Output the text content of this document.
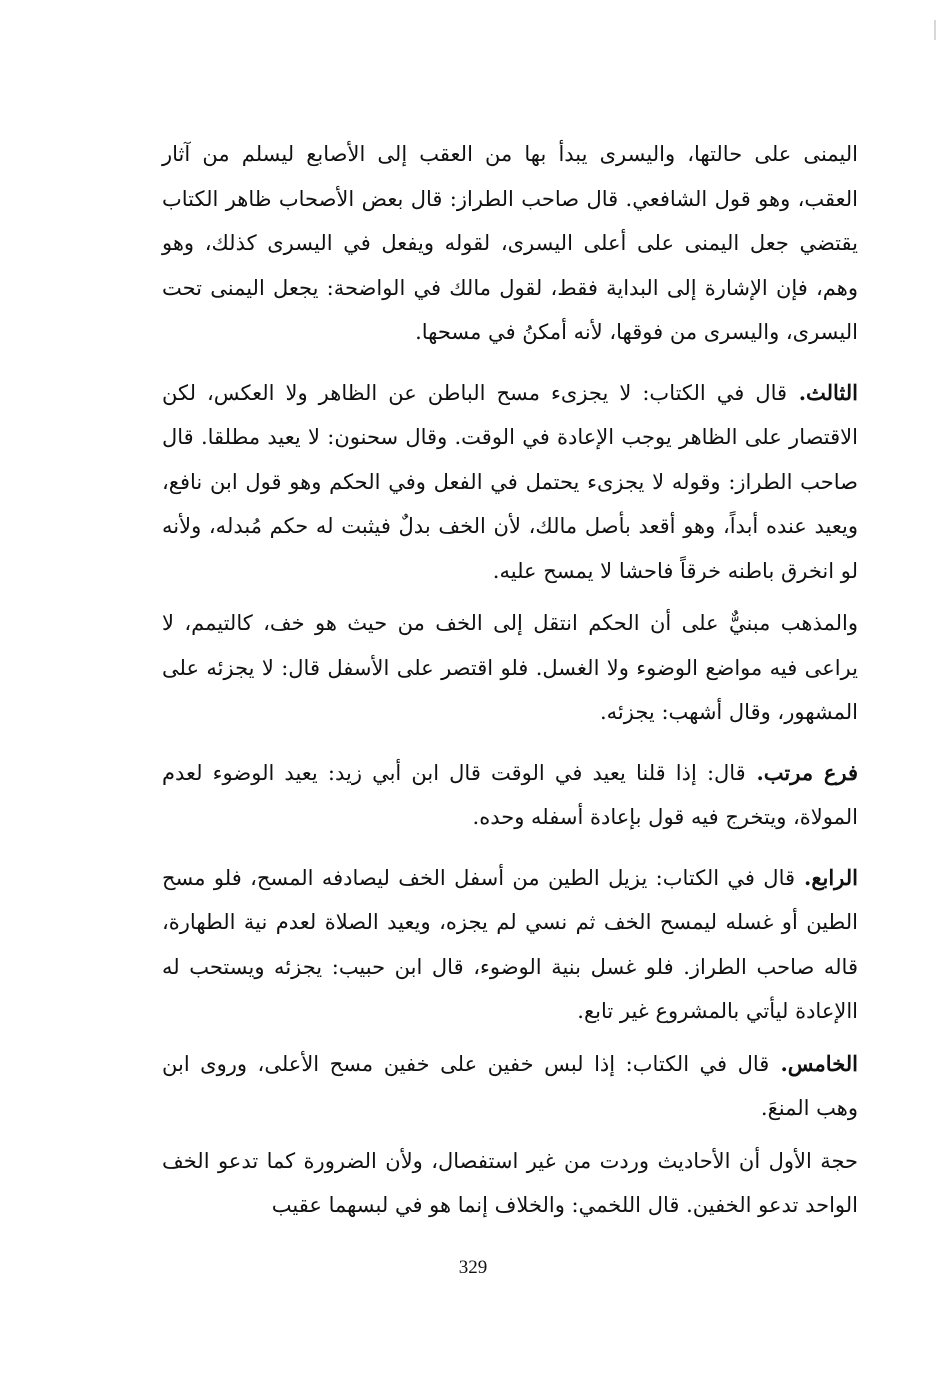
اليمنى على حالتها، واليسرى يبدأ بها من العقب إلى الأصابع ليسلم من آثار العقب، وهو قول الشافعي. قال صاحب الطراز: قال بعض الأصحاب ظاهر الكتاب يقتضي جعل اليمنى على أعلى اليسرى، لقوله ويفعل في اليسرى كذلك، وهو وهم، فإن الإشارة إلى البداية فقط، لقول مالك في الواضحة: يجعل اليمنى تحت اليسرى، واليسرى من فوقها، لأنه أمكنُ في مسحها.

الثالث. قال في الكتاب: لا يجزىء مسح الباطن عن الظاهر ولا العكس، لكن الاقتصار على الظاهر يوجب الإعادة في الوقت. وقال سحنون: لا يعيد مطلقا. قال صاحب الطراز: وقوله لا يجزىء يحتمل في الفعل وفي الحكم وهو قول ابن نافع، ويعيد عنده أبداً، وهو أقعد بأصل مالك، لأن الخف بدلٌ فيثبت له حكم مُبدله، ولأنه لو انخرق باطنه خرقاً فاحشا لا يمسح عليه.

والمذهب مبنيٌّ على أن الحكم انتقل إلى الخف من حيث هو خف، كالتيمم، لا يراعى فيه مواضع الوضوء ولا الغسل. فلو اقتصر على الأسفل قال: لا يجزئه على المشهور، وقال أشهب: يجزئه.

فرع مرتب. قال: إذا قلنا يعيد في الوقت قال ابن أبي زيد: يعيد الوضوء لعدم المولاة، ويتخرج فيه قول بإعادة أسفله وحده.

الرابع. قال في الكتاب: يزيل الطين من أسفل الخف ليصادفه المسح، فلو مسح الطين أو غسله ليمسح الخف ثم نسي لم يجزه، ويعيد الصلاة لعدم نية الطهارة، قاله صاحب الطراز. فلو غسل بنية الوضوء، قال ابن حبيب: يجزئه ويستحب له االإعادة ليأتي بالمشروع غير تابع.

الخامس. قال في الكتاب: إذا لبس خفين على خفين مسح الأعلى، وروى ابن وهب المنعَ.

حجة الأول أن الأحاديث وردت من غير استفصال، ولأن الضرورة كما تدعو الخف الواحد تدعو الخفين. قال اللخمي: والخلاف إنما هو في لبسهما عقيب

329
